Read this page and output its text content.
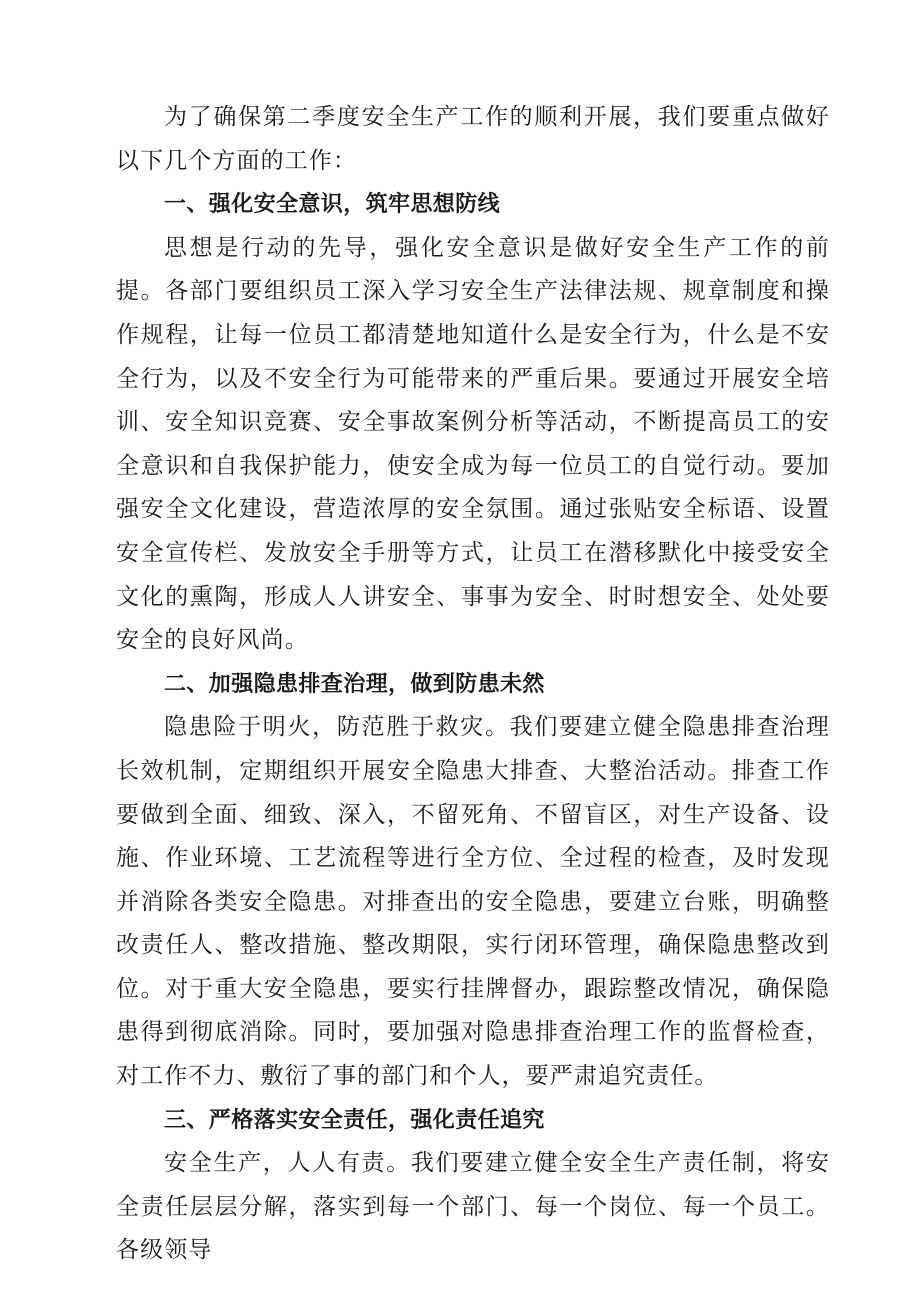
为了确保第二季度安全生产工作的顺利开展，我们要重点做好以下几个方面的工作：

一、强化安全意识，筑牢思想防线

思想是行动的先导，强化安全意识是做好安全生产工作的前提。各部门要组织员工深入学习安全生产法律法规、规章制度和操作规程，让每一位员工都清楚地知道什么是安全行为，什么是不安全行为，以及不安全行为可能带来的严重后果。要通过开展安全培训、安全知识竞赛、安全事故案例分析等活动，不断提高员工的安全意识和自我保护能力，使安全成为每一位员工的自觉行动。要加强安全文化建设，营造浓厚的安全氛围。通过张贴安全标语、设置安全宣传栏、发放安全手册等方式，让员工在潜移默化中接受安全文化的熏陶，形成人人讲安全、事事为安全、时时想安全、处处要安全的良好风尚。

二、加强隐患排查治理，做到防患未然

隐患险于明火，防范胜于救灾。我们要建立健全隐患排查治理长效机制，定期组织开展安全隐患大排查、大整治活动。排查工作要做到全面、细致、深入，不留死角、不留盲区，对生产设备、设施、作业环境、工艺流程等进行全方位、全过程的检查，及时发现并消除各类安全隐患。对排查出的安全隐患，要建立台账，明确整改责任人、整改措施、整改期限，实行闭环管理，确保隐患整改到位。对于重大安全隐患，要实行挂牌督办，跟踪整改情况，确保隐患得到彻底消除。同时，要加强对隐患排查治理工作的监督检查，对工作不力、敷衍了事的部门和个人，要严肃追究责任。

三、严格落实安全责任，强化责任追究

安全生产，人人有责。我们要建立健全安全生产责任制，将安全责任层层分解，落实到每一个部门、每一个岗位、每一个员工。各级领导
